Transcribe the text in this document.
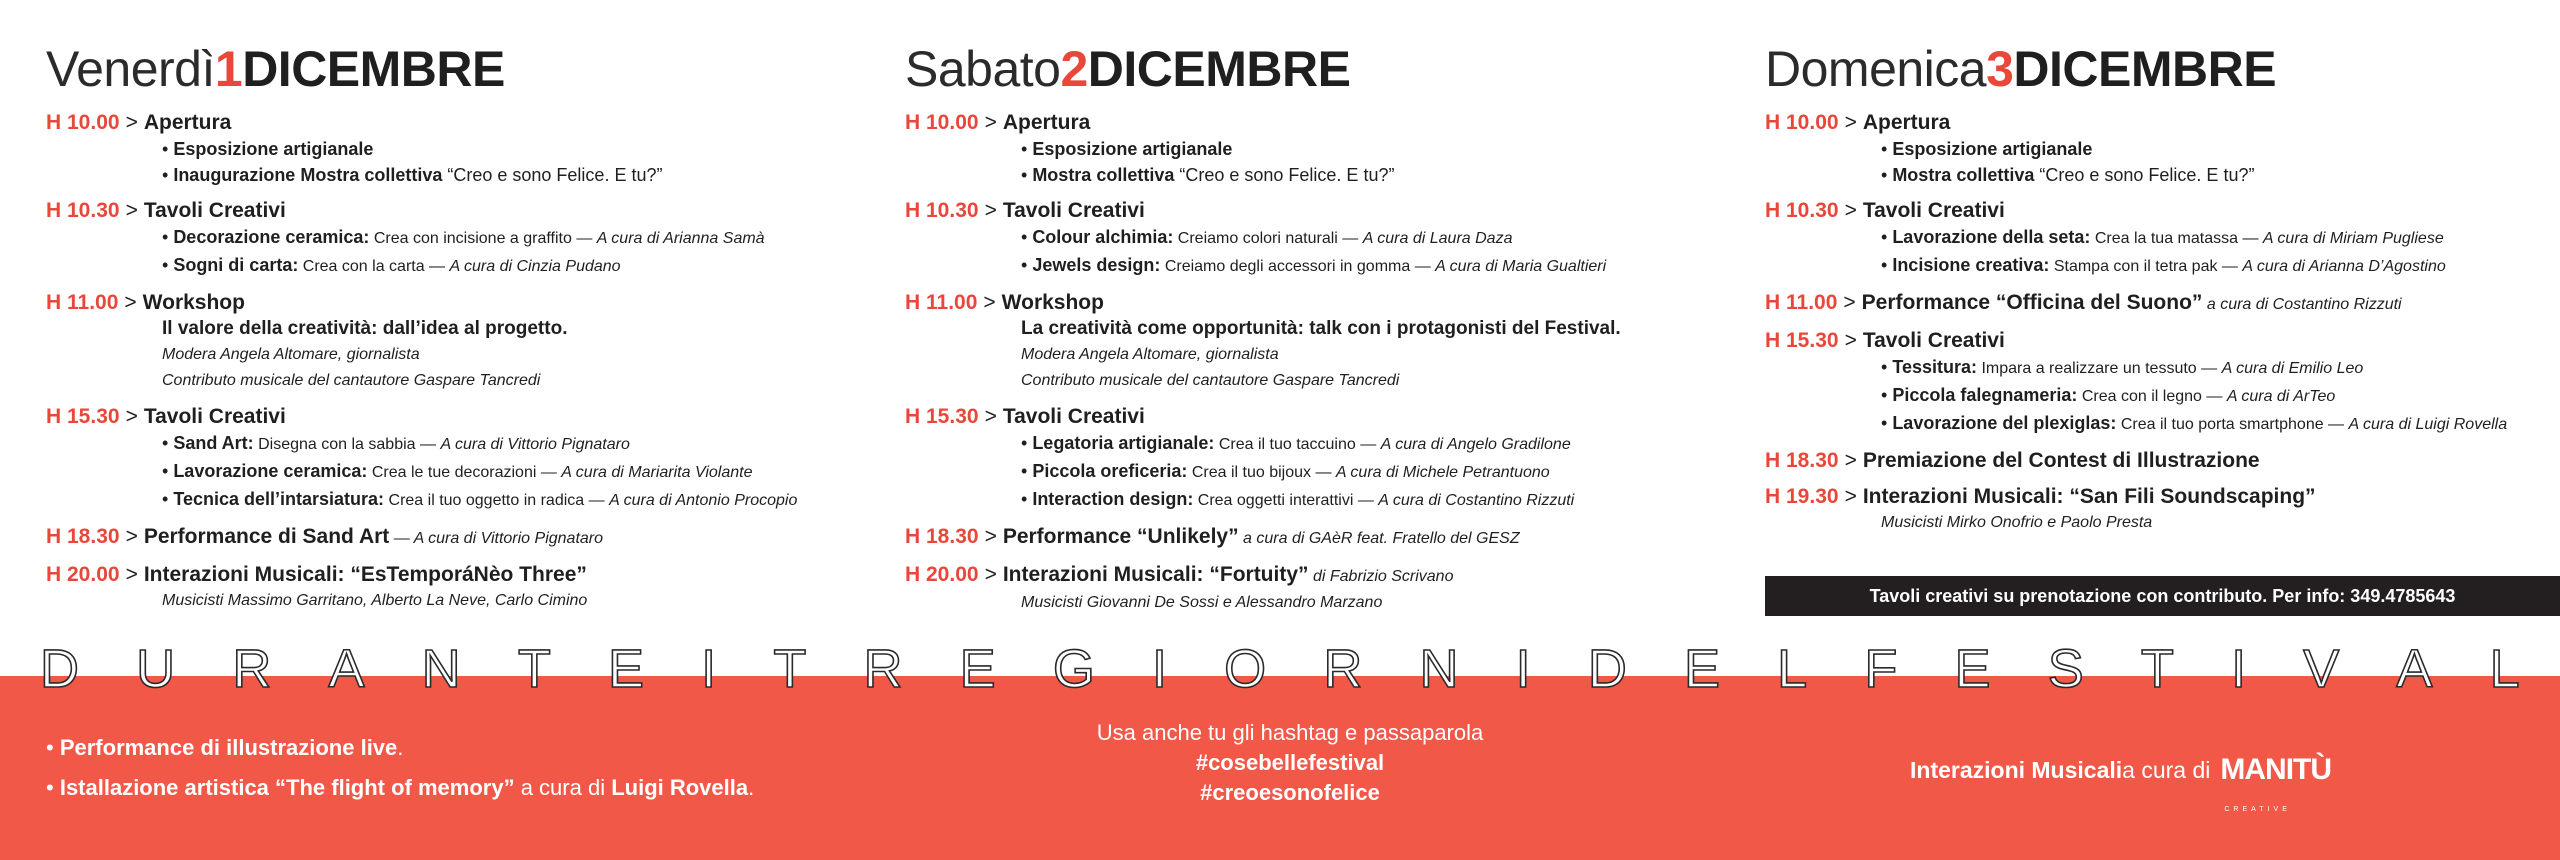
Venerdì1DICEMBRE
H 10.00 > Apertura
• Esposizione artigianale
• Inaugurazione Mostra collettiva “Creo e sono Felice. E tu?”
H 10.30 > Tavoli Creativi
• Decorazione ceramica: Crea con incisione a graffito — A cura di Arianna Samà
• Sogni di carta: Crea con la carta — A cura di Cinzia Pudano
H 11.00 > Workshop
Il valore della creatività: dall’idea al progetto.
Modera Angela Altomare, giornalista
Contributo musicale del cantautore Gaspare Tancredi
H 15.30 > Tavoli Creativi
• Sand Art: Disegna con la sabbia — A cura di Vittorio Pignataro
• Lavorazione ceramica: Crea le tue decorazioni — A cura di Mariarita Violante
• Tecnica dell’intarsiatura: Crea il tuo oggetto in radica — A cura di Antonio Procopio
H 18.30 > Performance di Sand Art — A cura di Vittorio Pignataro
H 20.00 > Interazioni Musicali: “EsTemporáNèo Three”
Musicisti Massimo Garritano, Alberto La Neve, Carlo Cimino
Sabato2DICEMBRE
H 10.00 > Apertura
• Esposizione artigianale
• Mostra collettiva “Creo e sono Felice. E tu?”
H 10.30 > Tavoli Creativi
• Colour alchimia: Creiamo colori naturali — A cura di Laura Daza
• Jewels design: Creiamo degli accessori in gomma — A cura di Maria Gualtieri
H 11.00 > Workshop
La creatività come opportunità: talk con i protagonisti del Festival.
Modera Angela Altomare, giornalista
Contributo musicale del cantautore Gaspare Tancredi
H 15.30 > Tavoli Creativi
• Legatoria artigianale: Crea il tuo taccuino — A cura di Angelo Gradilone
• Piccola oreficeria: Crea il tuo bijoux — A cura di Michele Petrantuono
• Interaction design: Crea oggetti interattivi — A cura di Costantino Rizzuti
H 18.30 > Performance “Unlikely” a cura di GAèR feat. Fratello del GESZ
H 20.00 > Interazioni Musicali: “Fortuity” di Fabrizio Scrivano
Musicisti Giovanni De Sossi e Alessandro Marzano
Domenica3DICEMBRE
H 10.00 > Apertura
• Esposizione artigianale
• Mostra collettiva “Creo e sono Felice. E tu?”
H 10.30 > Tavoli Creativi
• Lavorazione della seta: Crea la tua matassa — A cura di Miriam Pugliese
• Incisione creativa: Stampa con il tetra pak — A cura di Arianna D’Agostino
H 11.00 > Performance “Officina del Suono” a cura di Costantino Rizzuti
H 15.30 > Tavoli Creativi
• Tessitura: Impara a realizzare un tessuto — A cura di Emilio Leo
• Piccola falegnameria: Crea con il legno — A cura di ArTeo
• Lavorazione del plexiglas: Crea il tuo porta smartphone — A cura di Luigi Rovella
H 18.30 > Premiazione del Contest di Illustrazione
H 19.30 > Interazioni Musicali: “San Fili Soundscaping”
Musicisti Mirko Onofrio e Paolo Presta
Tavoli creativi su prenotazione con contributo. Per info: 349.4785643
D U R A N T E I T R E G I O R N I D E L F E S T I V A L
• Performance di illustrazione live.
• Istallazione artistica “The flight of memory” a cura di Luigi Rovella.
Usa anche tu gli hashtag e passaparola
#cosebellefestival
#creoesonofelice
Interazioni Musicali a cura di MANITÙ
CREATIVE
